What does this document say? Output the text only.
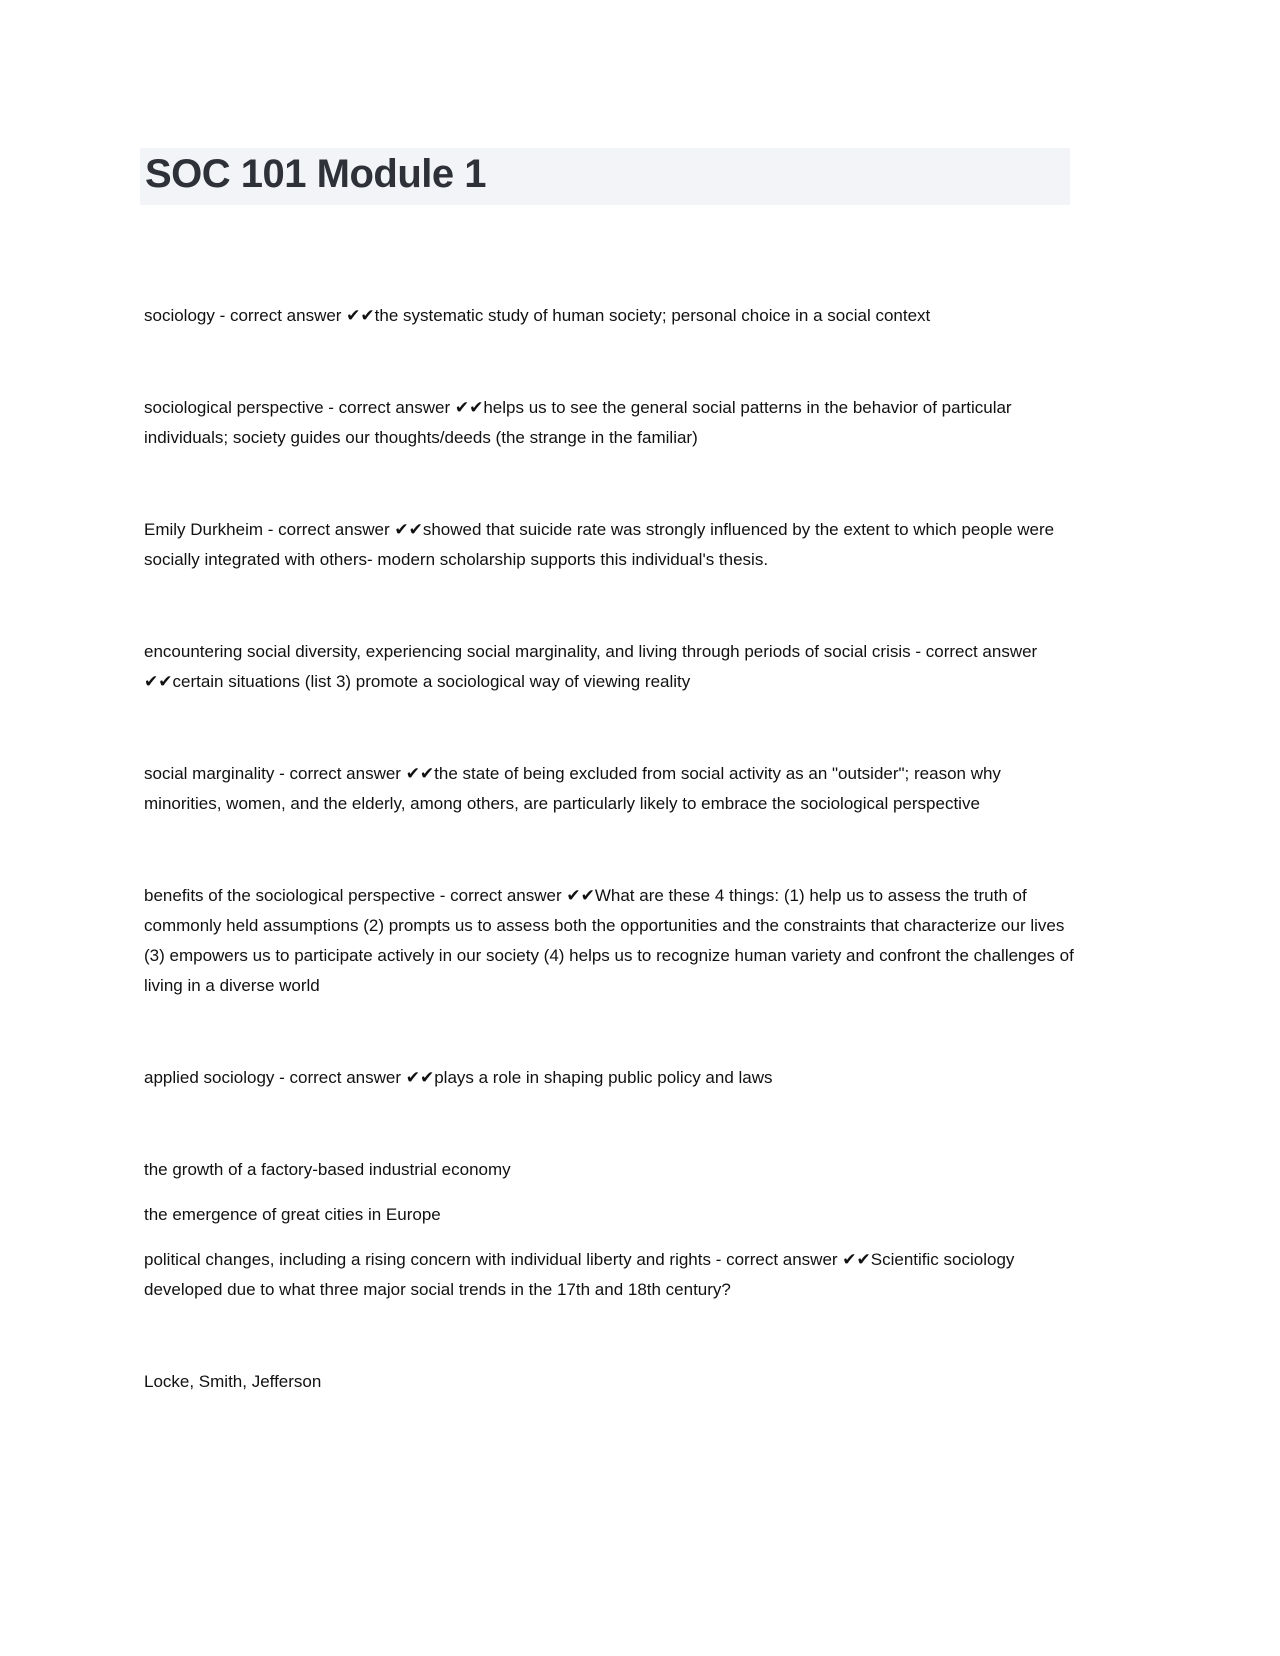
SOC 101 Module 1

sociology - correct answer ✔✔the systematic study of human society; personal choice in a social context

sociological perspective - correct answer ✔✔helps us to see the general social patterns in the behavior of particular individuals; society guides our thoughts/deeds (the strange in the familiar)

Emily Durkheim - correct answer ✔✔showed that suicide rate was strongly influenced by the extent to which people were socially integrated with others- modern scholarship supports this individual's thesis.

encountering social diversity, experiencing social marginality, and living through periods of social crisis - correct answer ✔✔certain situations (list 3) promote a sociological way of viewing reality

social marginality - correct answer ✔✔the state of being excluded from social activity as an "outsider"; reason why minorities, women, and the elderly, among others, are particularly likely to embrace the sociological perspective

benefits of the sociological perspective - correct answer ✔✔What are these 4 things: (1) help us to assess the truth of commonly held assumptions (2) prompts us to assess both the opportunities and the constraints that characterize our lives (3) empowers us to participate actively in our society (4) helps us to recognize human variety and confront the challenges of living in a diverse world

applied sociology - correct answer ✔✔plays a role in shaping public policy and laws

the growth of a factory-based industrial economy

the emergence of great cities in Europe

political changes, including a rising concern with individual liberty and rights - correct answer ✔✔Scientific sociology developed due to what three major social trends in the 17th and 18th century?

Locke, Smith, Jefferson
